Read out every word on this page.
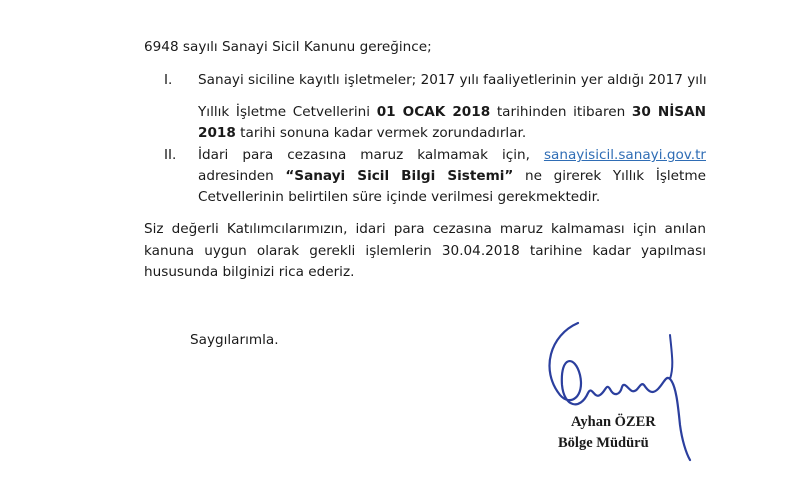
6948 sayılı Sanayi Sicil Kanunu gereğince;
I. Sanayi siciline kayıtlı işletmeler; 2017 yılı faaliyetlerinin yer aldığı 2017 yılı
Yıllık İşletme Cetvellerini 01 OCAK 2018 tarihinden itibaren 30 NİSAN
2018 tarihi sonuna kadar vermek zorundadırlar.
II. İdari para cezasına maruz kalmamak için, sanayisicil.sanayi.gov.tr
adresinden “Sanayi Sicil Bilgi Sistemi” ne girerek Yıllık İşletme
Cetvellerinin belirtilen süre içinde verilmesi gerekmektedir.
Siz değerli Katılımcılarımızın, idari para cezasına maruz kalmaması için anılan
kanuna uygun olarak gerekli işlemlerin 30.04.2018 tarihine kadar yapılması
hususunda bilginizi rica ederiz.
Saygılarımla.
Ayhan ÖZER
Bölge Müdürü
